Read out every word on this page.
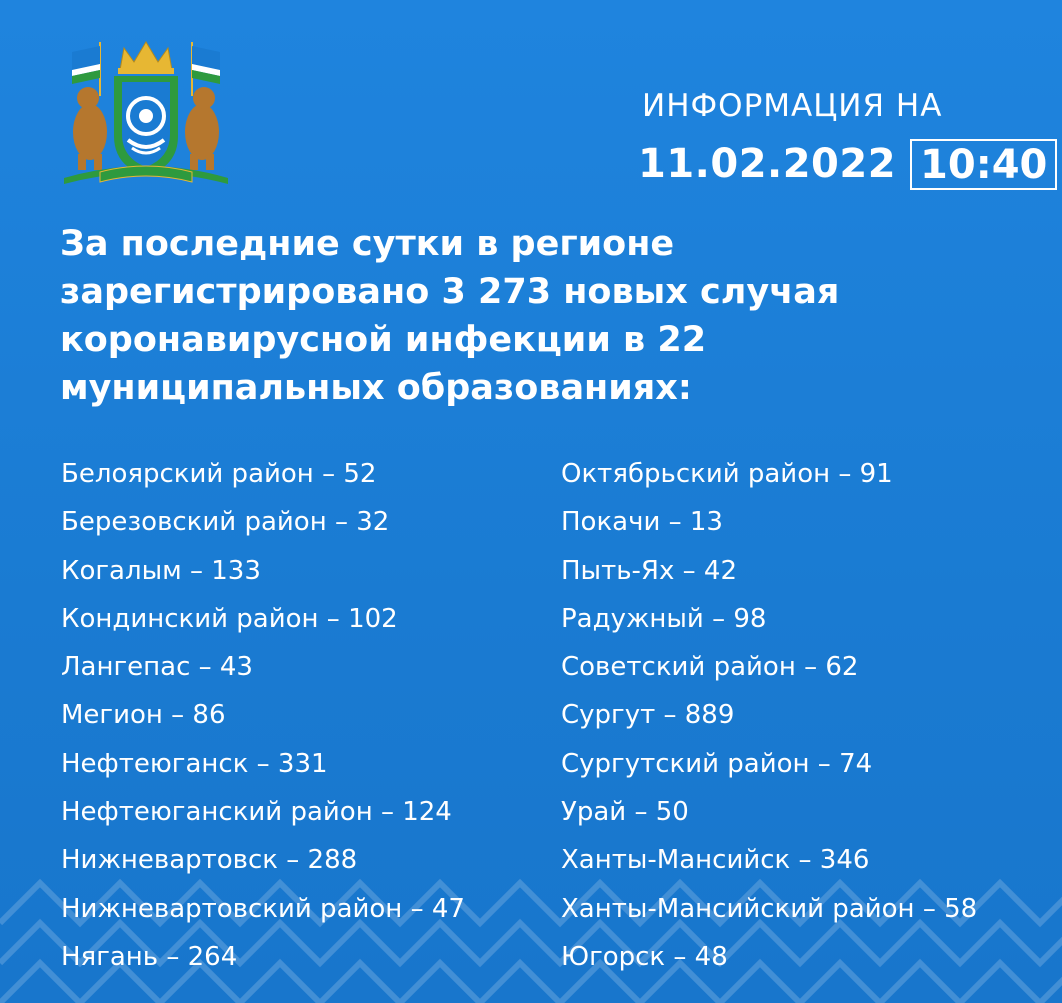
ИНФОРМАЦИЯ НА
11.02.2022 10:40

За последние сутки в регионе зарегистрировано 3 273 новых случая коронавирусной инфекции в 22 муниципальных образованиях:

Белоярский район – 52
Березовский район – 32
Когалым – 133
Кондинский район – 102
Лангепас – 43
Мегион – 86
Нефтеюганск – 331
Нефтеюганский район – 124
Нижневартовск – 288
Нижневартовский район – 47
Нягань – 264
Октябрьский район – 91
Покачи – 13
Пыть-Ях – 42
Радужный – 98
Советский район – 62
Сургут – 889
Сургутский район – 74
Урай – 50
Ханты-Мансийск – 346
Ханты-Мансийский район – 58
Югорск – 48
